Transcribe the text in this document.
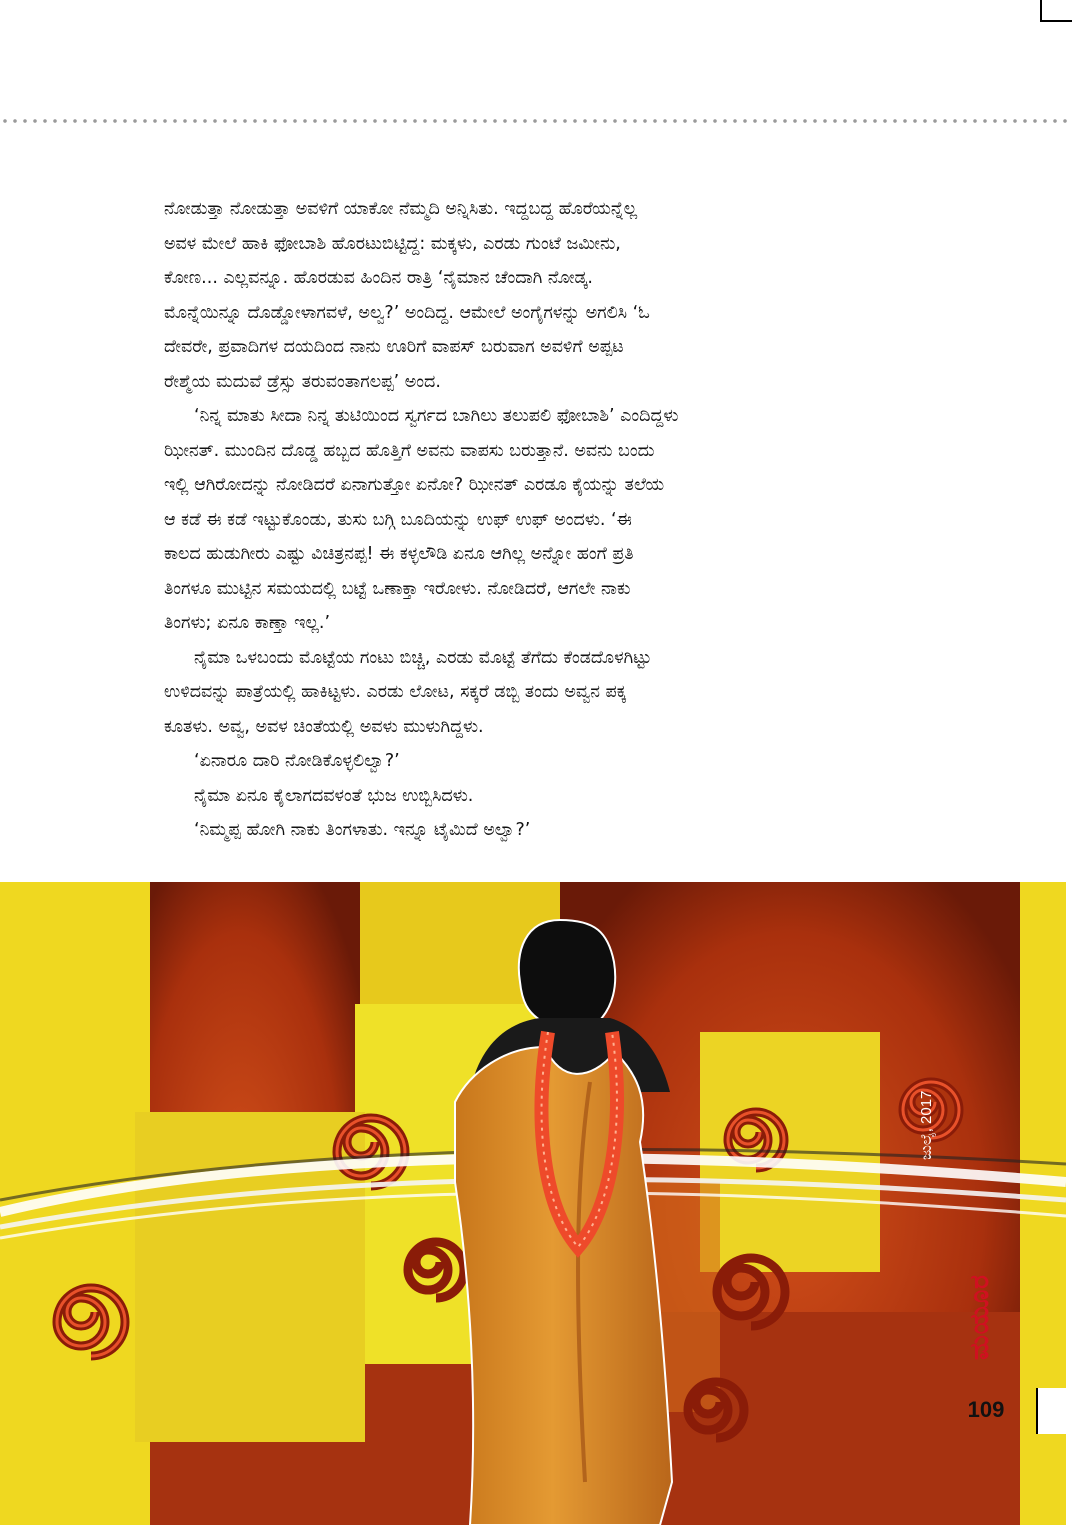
ನೋಡುತ್ತಾ ನೋಡುತ್ತಾ ಅವಳಿಗೆ ಯಾಕೋ ನೆಮ್ಮದಿ ಅನ್ನಿಸಿತು. ಇದ್ದಬದ್ದ ಹೊರೆಯನ್ನೆಲ್ಲ

ಅವಳ ಮೇಲೆ ಹಾಕಿ ಫೋಬಾಶಿ ಹೊರಟುಬಿಟ್ಟಿದ್ದ: ಮಕ್ಕಳು, ಎರಡು ಗುಂಟೆ ಜಮೀನು,

ಕೋಣ... ಎಲ್ಲವನ್ನೂ. ಹೊರಡುವ ಹಿಂದಿನ ರಾತ್ರಿ ‘ನೈಮಾನ ಚೆಂದಾಗಿ ನೋಡ್ಕ.

ಮೊನ್ನೆಯಿನ್ನೂ ದೊಡ್ಡೋಳಾಗವಳೆ, ಅಲ್ವ?’ ಅಂದಿದ್ದ. ಆಮೇಲೆ ಅಂಗೈಗಳನ್ನು ಅಗಲಿಸಿ ‘ಓ

ದೇವರೇ, ಪ್ರವಾದಿಗಳ ದಯದಿಂದ ನಾನು ಊರಿಗೆ ವಾಪಸ್ ಬರುವಾಗ ಅವಳಿಗೆ ಅಪ್ಪಟ

ರೇಶ್ಮೆಯ ಮದುವೆ ಡ್ರೆಸ್ಸು ತರುವಂತಾಗಲಪ್ಪ’ ಅಂದ.

‘ನಿನ್ನ ಮಾತು ಸೀದಾ ನಿನ್ನ ತುಟಿಯಿಂದ ಸ್ವರ್ಗದ ಬಾಗಿಲು ತಲುಪಲಿ ಫೋಬಾಶಿ’ ಎಂದಿದ್ದಳು

ಝೀನತ್. ಮುಂದಿನ ದೊಡ್ಡ ಹಬ್ಬದ ಹೊತ್ತಿಗೆ ಅವನು ವಾಪಸು ಬರುತ್ತಾನೆ. ಅವನು ಬಂದು

ಇಲ್ಲಿ ಆಗಿರೋದನ್ನು ನೋಡಿದರೆ ಏನಾಗುತ್ತೋ ಏನೋ? ಝೀನತ್ ಎರಡೂ ಕೈಯನ್ನು ತಲೆಯ

ಆ ಕಡೆ ಈ ಕಡೆ ಇಟ್ಟುಕೊಂಡು, ತುಸು ಬಗ್ಗಿ ಬೂದಿಯನ್ನು ಉಫ್ ಉಫ್ ಅಂದಳು. ‘ಈ

ಕಾಲದ ಹುಡುಗೀರು ಎಷ್ಟು ವಿಚಿತ್ರನಪ್ಪ! ಈ ಕಳ್ಳಲೌಡಿ ಏನೂ ಆಗಿಲ್ಲ ಅನ್ನೋ ಹಂಗೆ ಪ್ರತಿ

ತಿಂಗಳೂ ಮುಟ್ಟಿನ ಸಮಯದಲ್ಲಿ ಬಟ್ಟೆ ಒಣಾಕ್ತಾ ಇರೋಳು. ನೋಡಿದರೆ, ಆಗಲೇ ನಾಕು

ತಿಂಗಳು; ಏನೂ ಕಾಣ್ತಾ ಇಲ್ಲ.’

ನೈಮಾ ಒಳಬಂದು ಮೊಟ್ಟೆಯ ಗಂಟು ಬಿಚ್ಚಿ, ಎರಡು ಮೊಟ್ಟೆ ತೆಗೆದು ಕೆಂಡದೊಳಗಿಟ್ಟು

ಉಳಿದವನ್ನು ಪಾತ್ರೆಯಲ್ಲಿ ಹಾಕಿಟ್ಟಳು. ಎರಡು ಲೋಟ, ಸಕ್ಕರೆ ಡಬ್ಬಿ ತಂದು ಅವ್ವನ ಪಕ್ಕ

ಕೂತಳು. ಅವ್ವ, ಅವಳ ಚಿಂತೆಯಲ್ಲಿ ಅವಳು ಮುಳುಗಿದ್ದಳು.

‘ಏನಾರೂ ದಾರಿ ನೋಡಿಕೊಳ್ಳಲಿಲ್ವಾ?’

ನೈಮಾ ಏನೂ ಕೈಲಾಗದವಳಂತೆ ಭುಜ ಉಬ್ಬಿಸಿದಳು.

‘ನಿಮ್ಮಪ್ಪ ಹೋಗಿ ನಾಕು ತಿಂಗಳಾತು. ಇನ್ನೂ ಟೈಮಿದೆ ಅಲ್ವಾ?’

ಜುಲೈ, 2017
ಮಯೂರ
109
